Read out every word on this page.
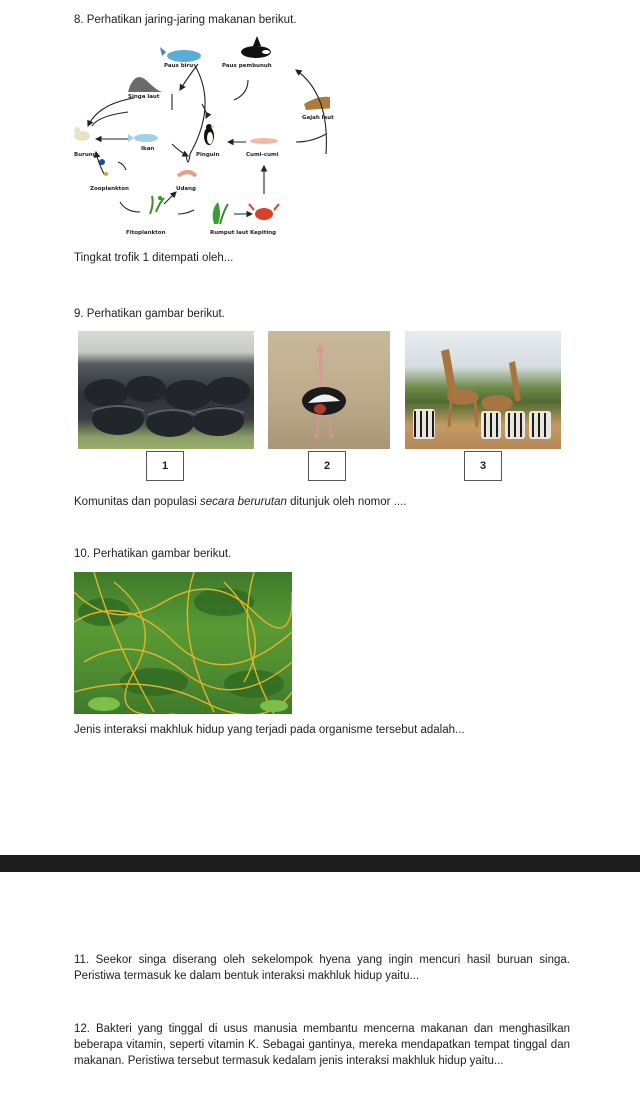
8. Perhatikan jaring-jaring makanan berikut.
Paus biru	Paus pembunuh
Singa laut
Gajah laut
Burung
Ikan
Pinguin	Cumi-cumi
Zooplankton	Udang
Fitoplankton	Rumput laut Kepiting
Tingkat trofik 1 ditempati oleh...
9. Perhatikan gambar berikut.
1	2	3
Komunitas dan populasi secara berurutan ditunjuk oleh nomor ....
10. Perhatikan gambar berikut.
Jenis interaksi makhluk hidup yang terjadi pada organisme tersebut adalah...
11. Seekor singa diserang oleh sekelompok hyena yang ingin mencuri hasil buruan singa. Peristiwa termasuk ke dalam bentuk interaksi makhluk hidup yaitu...
12. Bakteri yang tinggal di usus manusia membantu mencerna makanan dan menghasilkan beberapa vitamin, seperti vitamin K. Sebagai gantinya, mereka mendapatkan tempat tinggal dan makanan. Peristiwa tersebut termasuk kedalam jenis interaksi makhluk hidup yaitu...
